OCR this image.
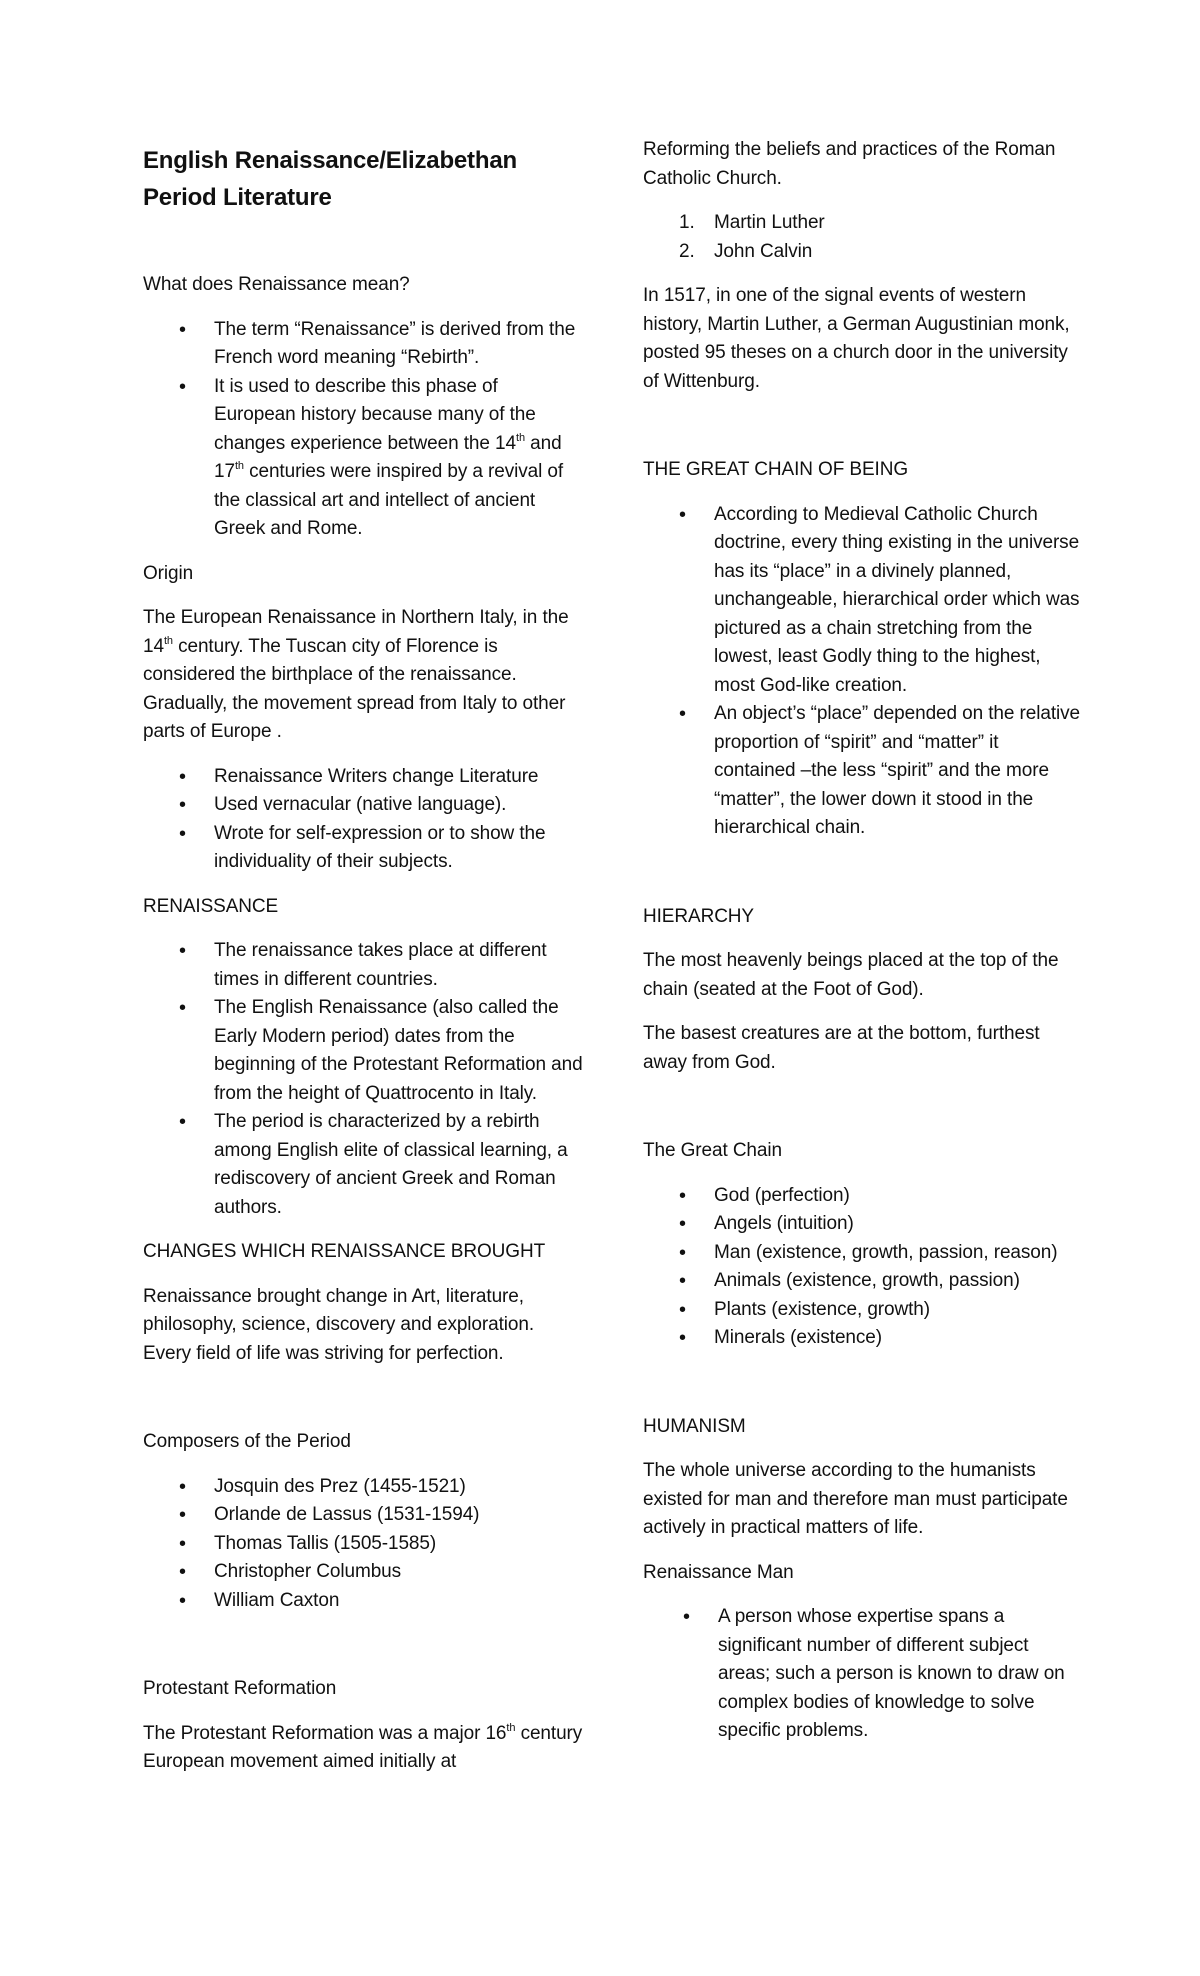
English Renaissance/Elizabethan Period Literature

What does Renaissance mean?

• The term “Renaissance” is derived from the French word meaning “Rebirth”.
• It is used to describe this phase of European history because many of the changes experience between the 14th and 17th centuries were inspired by a revival of the classical art and intellect of ancient Greek and Rome.

Origin

The European Renaissance in Northern Italy, in the 14th century. The Tuscan city of Florence is considered the birthplace of the renaissance. Gradually, the movement spread from Italy to other parts of Europe .

• Renaissance Writers change Literature
• Used vernacular (native language).
• Wrote for self-expression or to show the individuality of their subjects.

RENAISSANCE

• The renaissance takes place at different times in different countries.
• The English Renaissance (also called the Early Modern period) dates from the beginning of the Protestant Reformation and from the height of Quattrocento in Italy.
• The period is characterized by a rebirth among English elite of classical learning, a rediscovery of ancient Greek and Roman authors.

CHANGES WHICH RENAISSANCE BROUGHT

Renaissance brought change in Art, literature, philosophy, science, discovery and exploration. Every field of life was striving for perfection.

Composers of the Period

• Josquin des Prez (1455-1521)
• Orlande de Lassus (1531-1594)
• Thomas Tallis (1505-1585)
• Christopher Columbus
• William Caxton

Protestant Reformation

The Protestant Reformation was a major 16th century European movement aimed initially at

Reforming the beliefs and practices of the Roman Catholic Church.

Martin Luther
John Calvin

In 1517, in one of the signal events of western history, Martin Luther, a German Augustinian monk, posted 95 theses on a church door in the university of Wittenburg.

THE GREAT CHAIN OF BEING

• According to Medieval Catholic Church doctrine, every thing existing in the universe has its “place” in a divinely planned, unchangeable, hierarchical order which was pictured as a chain stretching from the lowest, least Godly thing to the highest, most God-like creation.
• An object’s “place” depended on the relative proportion of “spirit” and “matter” it contained –the less “spirit” and the more “matter”, the lower down it stood in the hierarchical chain.

HIERARCHY

The most heavenly beings placed at the top of the chain (seated at the Foot of God).

The basest creatures are at the bottom, furthest away from God.

The Great Chain

• God (perfection)
• Angels (intuition)
• Man (existence, growth, passion, reason)
• Animals (existence, growth, passion)
• Plants (existence, growth)
• Minerals (existence)

HUMANISM

The whole universe according to the humanists existed for man and therefore man must participate actively in practical matters of life.

Renaissance Man

• A person whose expertise spans a significant number of different subject areas; such a person is known to draw on complex bodies of knowledge to solve specific problems.
